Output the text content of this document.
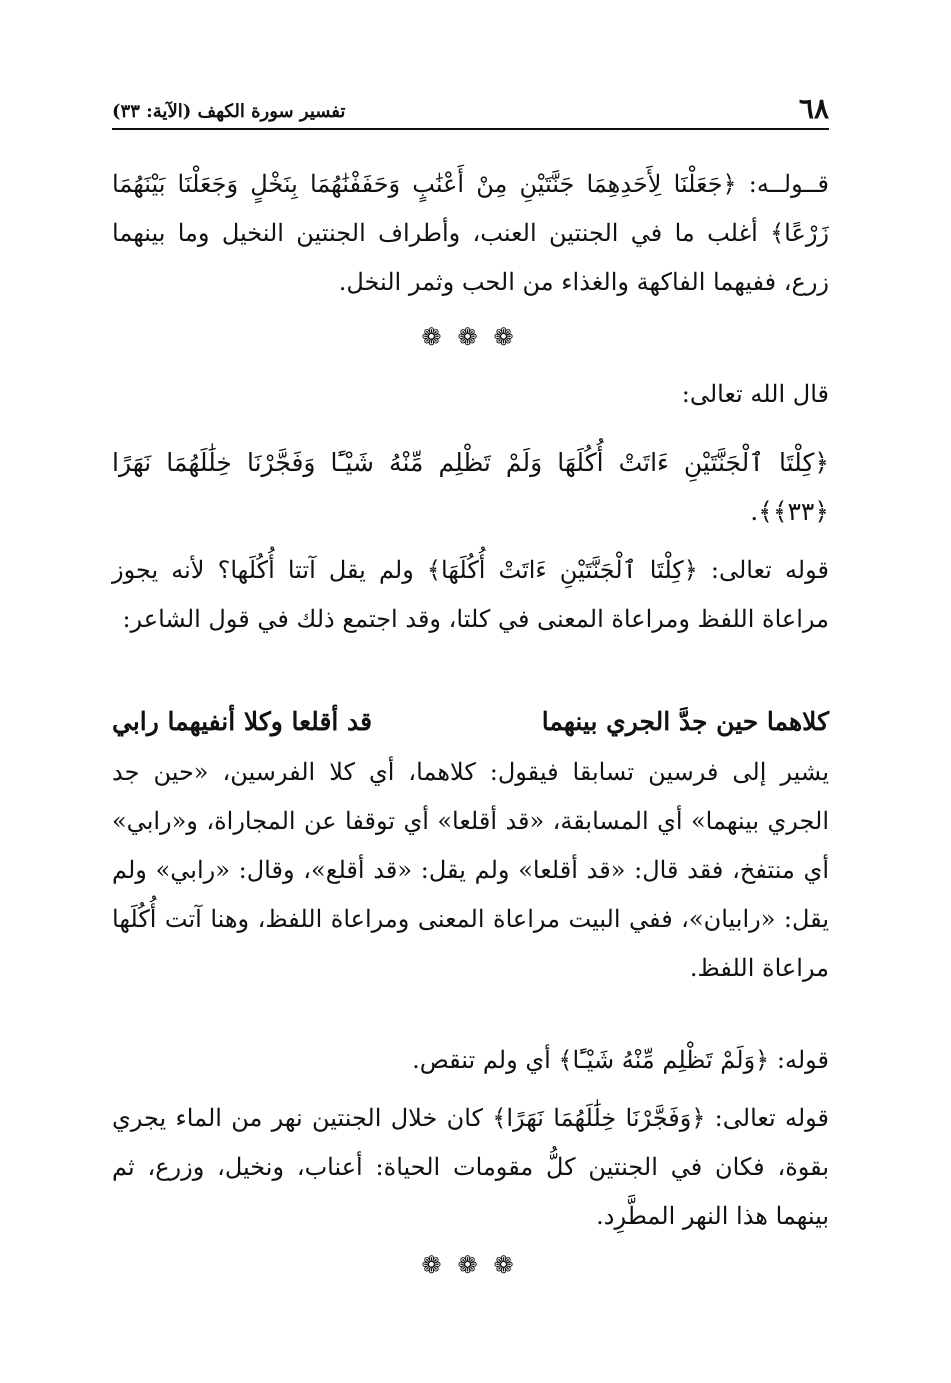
٦٨
تفسير سورة الكهف (الآية: ٣٣)
قــولــه: ﴿جَعَلْنَا لِأَحَدِهِمَا جَنَّتَيْنِ مِنْ أَعْنَٰبٍ وَحَفَفْنَٰهُمَا بِنَخْلٍ وَجَعَلْنَا بَيْنَهُمَا زَرْعًا﴾ أغلب ما في الجنتين العنب، وأطراف الجنتين النخيل وما بينهما زرع، ففيهما الفاكهة والغذاء من الحب وثمر النخل.
❁❁❁
قال الله تعالى:
﴿كِلْتَا ٱلْجَنَّتَيْنِ ءَاتَتْ أُكُلَهَا وَلَمْ تَظْلِم مِّنْهُ شَيْـًٔا وَفَجَّرْنَا خِلَٰلَهُمَا نَهَرًا ﴿٣٣﴾﴾.
قوله تعالى: ﴿كِلْتَا ٱلْجَنَّتَيْنِ ءَاتَتْ أُكُلَهَا﴾ ولم يقل آتتا أُكُلَها؟ لأنه يجوز مراعاة اللفظ ومراعاة المعنى في كلتا، وقد اجتمع ذلك في قول الشاعر:
كلاهما حين جدَّ الجري بينهما
قد أقلعا وكلا أنفيهما رابي
يشير إلى فرسين تسابقا فيقول: كلاهما، أي كلا الفرسين، «حين جد الجري بينهما» أي المسابقة، «قد أقلعا» أي توقفا عن المجاراة، و«رابي» أي منتفخ، فقد قال: «قد أقلعا» ولم يقل: «قد أقلع»، وقال: «رابي» ولم يقل: «رابيان»، ففي البيت مراعاة المعنى ومراعاة اللفظ، وهنا آتت أُكُلَها مراعاة اللفظ.
قوله: ﴿وَلَمْ تَظْلِم مِّنْهُ شَيْـًٔا﴾ أي ولم تنقص.
قوله تعالى: ﴿وَفَجَّرْنَا خِلَٰلَهُمَا نَهَرًا﴾ كان خلال الجنتين نهر من الماء يجري بقوة، فكان في الجنتين كلُّ مقومات الحياة: أعناب، ونخيل، وزرع، ثم بينهما هذا النهر المطَّرِد.
❁❁❁
